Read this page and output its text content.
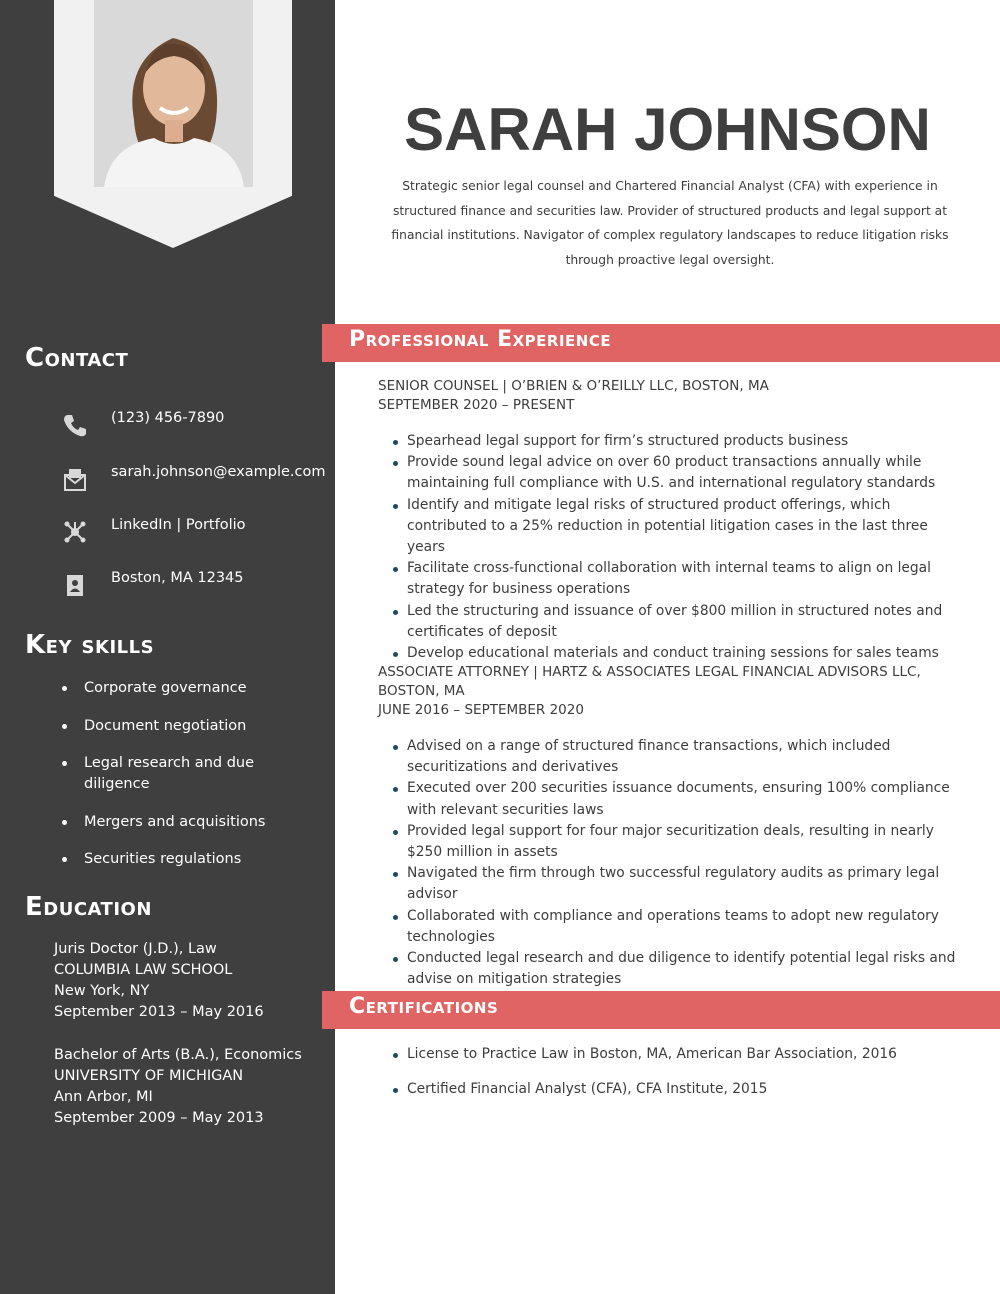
Contact
(123) 456-7890
sarah.johnson@example.com
LinkedIn | Portfolio
Boston, MA 12345
Key skills
Corporate governance
Document negotiation
Legal research and due diligence
Mergers and acquisitions
Securities regulations
Education
Juris Doctor (J.D.), Law
COLUMBIA LAW SCHOOL
New York, NY
September 2013 – May 2016
Bachelor of Arts (B.A.), Economics
UNIVERSITY OF MICHIGAN
Ann Arbor, MI
September 2009 – May 2013
SARAH JOHNSON

Strategic senior legal counsel and Chartered Financial Analyst (CFA) with experience in structured finance and securities law. Provider of structured products and legal support at financial institutions. Navigator of complex regulatory landscapes to reduce litigation risks through proactive legal oversight.

Professional Experience
SENIOR COUNSEL | O’BRIEN & O’REILLY LLC, BOSTON, MA
SEPTEMBER 2020 – PRESENT
Spearhead legal support for firm’s structured products business
Provide sound legal advice on over 60 product transactions annually while maintaining full compliance with U.S. and international regulatory standards
Identify and mitigate legal risks of structured product offerings, which contributed to a 25% reduction in potential litigation cases in the last three years
Facilitate cross-functional collaboration with internal teams to align on legal strategy for business operations
Led the structuring and issuance of over $800 million in structured notes and certificates of deposit
Develop educational materials and conduct training sessions for sales teams
ASSOCIATE ATTORNEY | HARTZ & ASSOCIATES LEGAL FINANCIAL ADVISORS LLC, BOSTON, MA
JUNE 2016 – SEPTEMBER 2020
Advised on a range of structured finance transactions, which included securitizations and derivatives
Executed over 200 securities issuance documents, ensuring 100% compliance with relevant securities laws
Provided legal support for four major securitization deals, resulting in nearly $250 million in assets
Navigated the firm through two successful regulatory audits as primary legal advisor
Collaborated with compliance and operations teams to adopt new regulatory technologies
Conducted legal research and due diligence to identify potential legal risks and advise on mitigation strategies
Certifications
License to Practice Law in Boston, MA, American Bar Association, 2016
Certified Financial Analyst (CFA), CFA Institute, 2015
